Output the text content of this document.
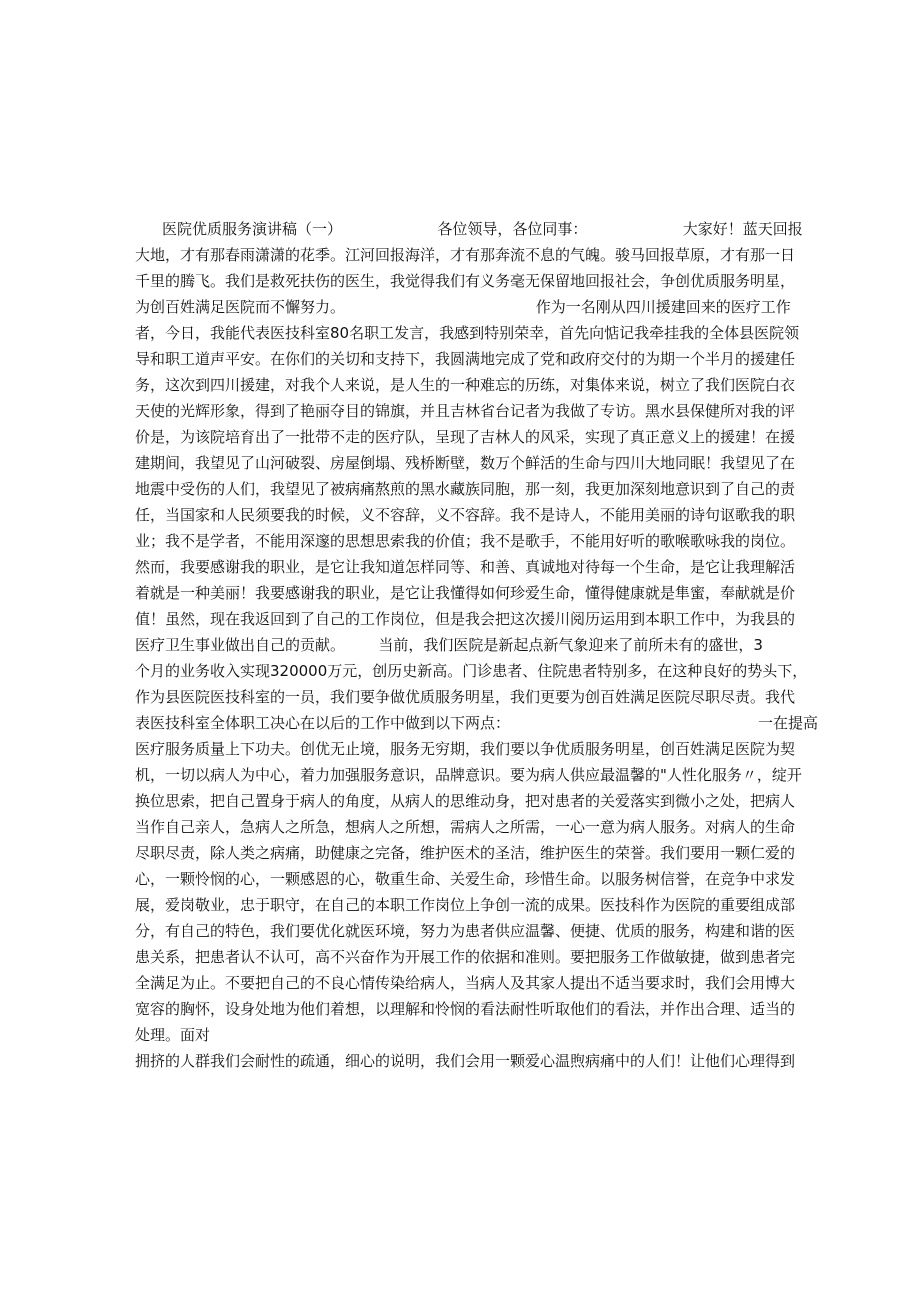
医院优质服务演讲稿（一）                    各位领导，各位同事：                    大家好！蓝天回报
大地，才有那春雨潇潇的花季。江河回报海洋，才有那奔流不息的气魄。骏马回报草原，才有那一日
千里的腾飞。我们是救死扶伤的医生，我觉得我们有义务毫无保留地回报社会，争创优质服务明星，
为创百姓满足医院而不懈努力。                                        作为一名刚从四川援建回来的医疗工作
者，今日，我能代表医技科室80名职工发言，我感到特别荣幸，首先向惦记我牵挂我的全体县医院领
导和职工道声平安。在你们的关切和支持下，我圆满地完成了党和政府交付的为期一个半月的援建任
务，这次到四川援建，对我个人来说，是人生的一种难忘的历练，对集体来说，树立了我们医院白衣
天使的光辉形象，得到了艳丽夺目的锦旗，并且吉林省台记者为我做了专访。黑水县保健所对我的评
价是，为该院培育出了一批带不走的医疗队，呈现了吉林人的风采，实现了真正意义上的援建！在援
建期间，我望见了山河破裂、房屋倒塌、残桥断壁，数万个鲜活的生命与四川大地同眠！我望见了在
地震中受伤的人们，我望见了被病痛熬煎的黑水藏族同胞，那一刻，我更加深刻地意识到了自己的责
任，当国家和人民须要我的时候，义不容辞，义不容辞。我不是诗人，不能用美丽的诗句讴歌我的职
业；我不是学者，不能用深邃的思想思索我的价值；我不是歌手，不能用好听的歌喉歌咏我的岗位。
然而，我要感谢我的职业，是它让我知道怎样同等、和善、真诚地对待每一个生命，是它让我理解活
着就是一种美丽！我要感谢我的职业，是它让我懂得如何珍爱生命，懂得健康就是隼蜜，奉献就是价
值！虽然，现在我返回到了自己的工作岗位，但是我会把这次援川阅历运用到本职工作中，为我县的
医疗卫生事业做出自己的贡献。       当前，我们医院是新起点新气象迎来了前所未有的盛世，3
个月的业务收入实现320000万元，创历史新高。门诊患者、住院患者特别多，在这种良好的势头下，
作为县医院医技科室的一员，我们要争做优质服务明星，我们更要为创百姓满足医院尽职尽责。我代
表医技科室全体职工决心在以后的工作中做到以下两点：                                                    一在提高
医疗服务质量上下功夫。创优无止境，服务无穷期，我们要以争优质服务明星，创百姓满足医院为契
机，一切以病人为中心，着力加强服务意识，品牌意识。要为病人供应最温馨的"人性化服务〃，绽开
换位思索，把自己置身于病人的角度，从病人的思维动身，把对患者的关爱落实到微小之处，把病人
当作自己亲人，急病人之所急，想病人之所想，需病人之所需，一心一意为病人服务。对病人的生命
尽职尽责，除人类之病痛，助健康之完备，维护医术的圣洁，维护医生的荣誉。我们要用一颗仁爱的
心，一颗怜悯的心，一颗感恩的心，敬重生命、关爱生命，珍惜生命。以服务树信誉，在竞争中求发
展，爱岗敬业，忠于职守，在自己的本职工作岗位上争创一流的成果。医技科作为医院的重要组成部
分，有自己的特色，我们要优化就医环境，努力为患者供应温馨、便捷、优质的服务，构建和谐的医
患关系，把患者认不认可，高不兴奋作为开展工作的依据和准则。要把服务工作做敏捷，做到患者完
全满足为止。不要把自己的不良心情传染给病人，当病人及其家人提出不适当要求时，我们会用博大
宽容的胸怀，设身处地为他们着想，以理解和怜悯的看法耐性听取他们的看法，并作出合理、适当的
处理。面对
拥挤的人群我们会耐性的疏通，细心的说明，我们会用一颗爱心温煦病痛中的人们！让他们心理得到
